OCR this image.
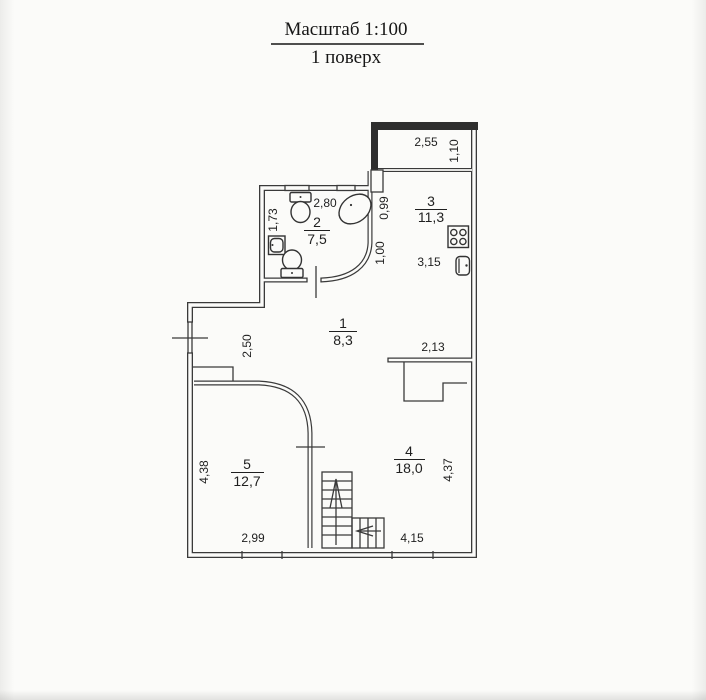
Масштаб 1:100
1 поверх
1
8,3
2
7,5
3
11,3
4
18,0
5
12,7
2,55 1,10
2,80
1,73
0,99
1,00	3,15
2,50	2,13
4,38	4,37
2,99	4,15
